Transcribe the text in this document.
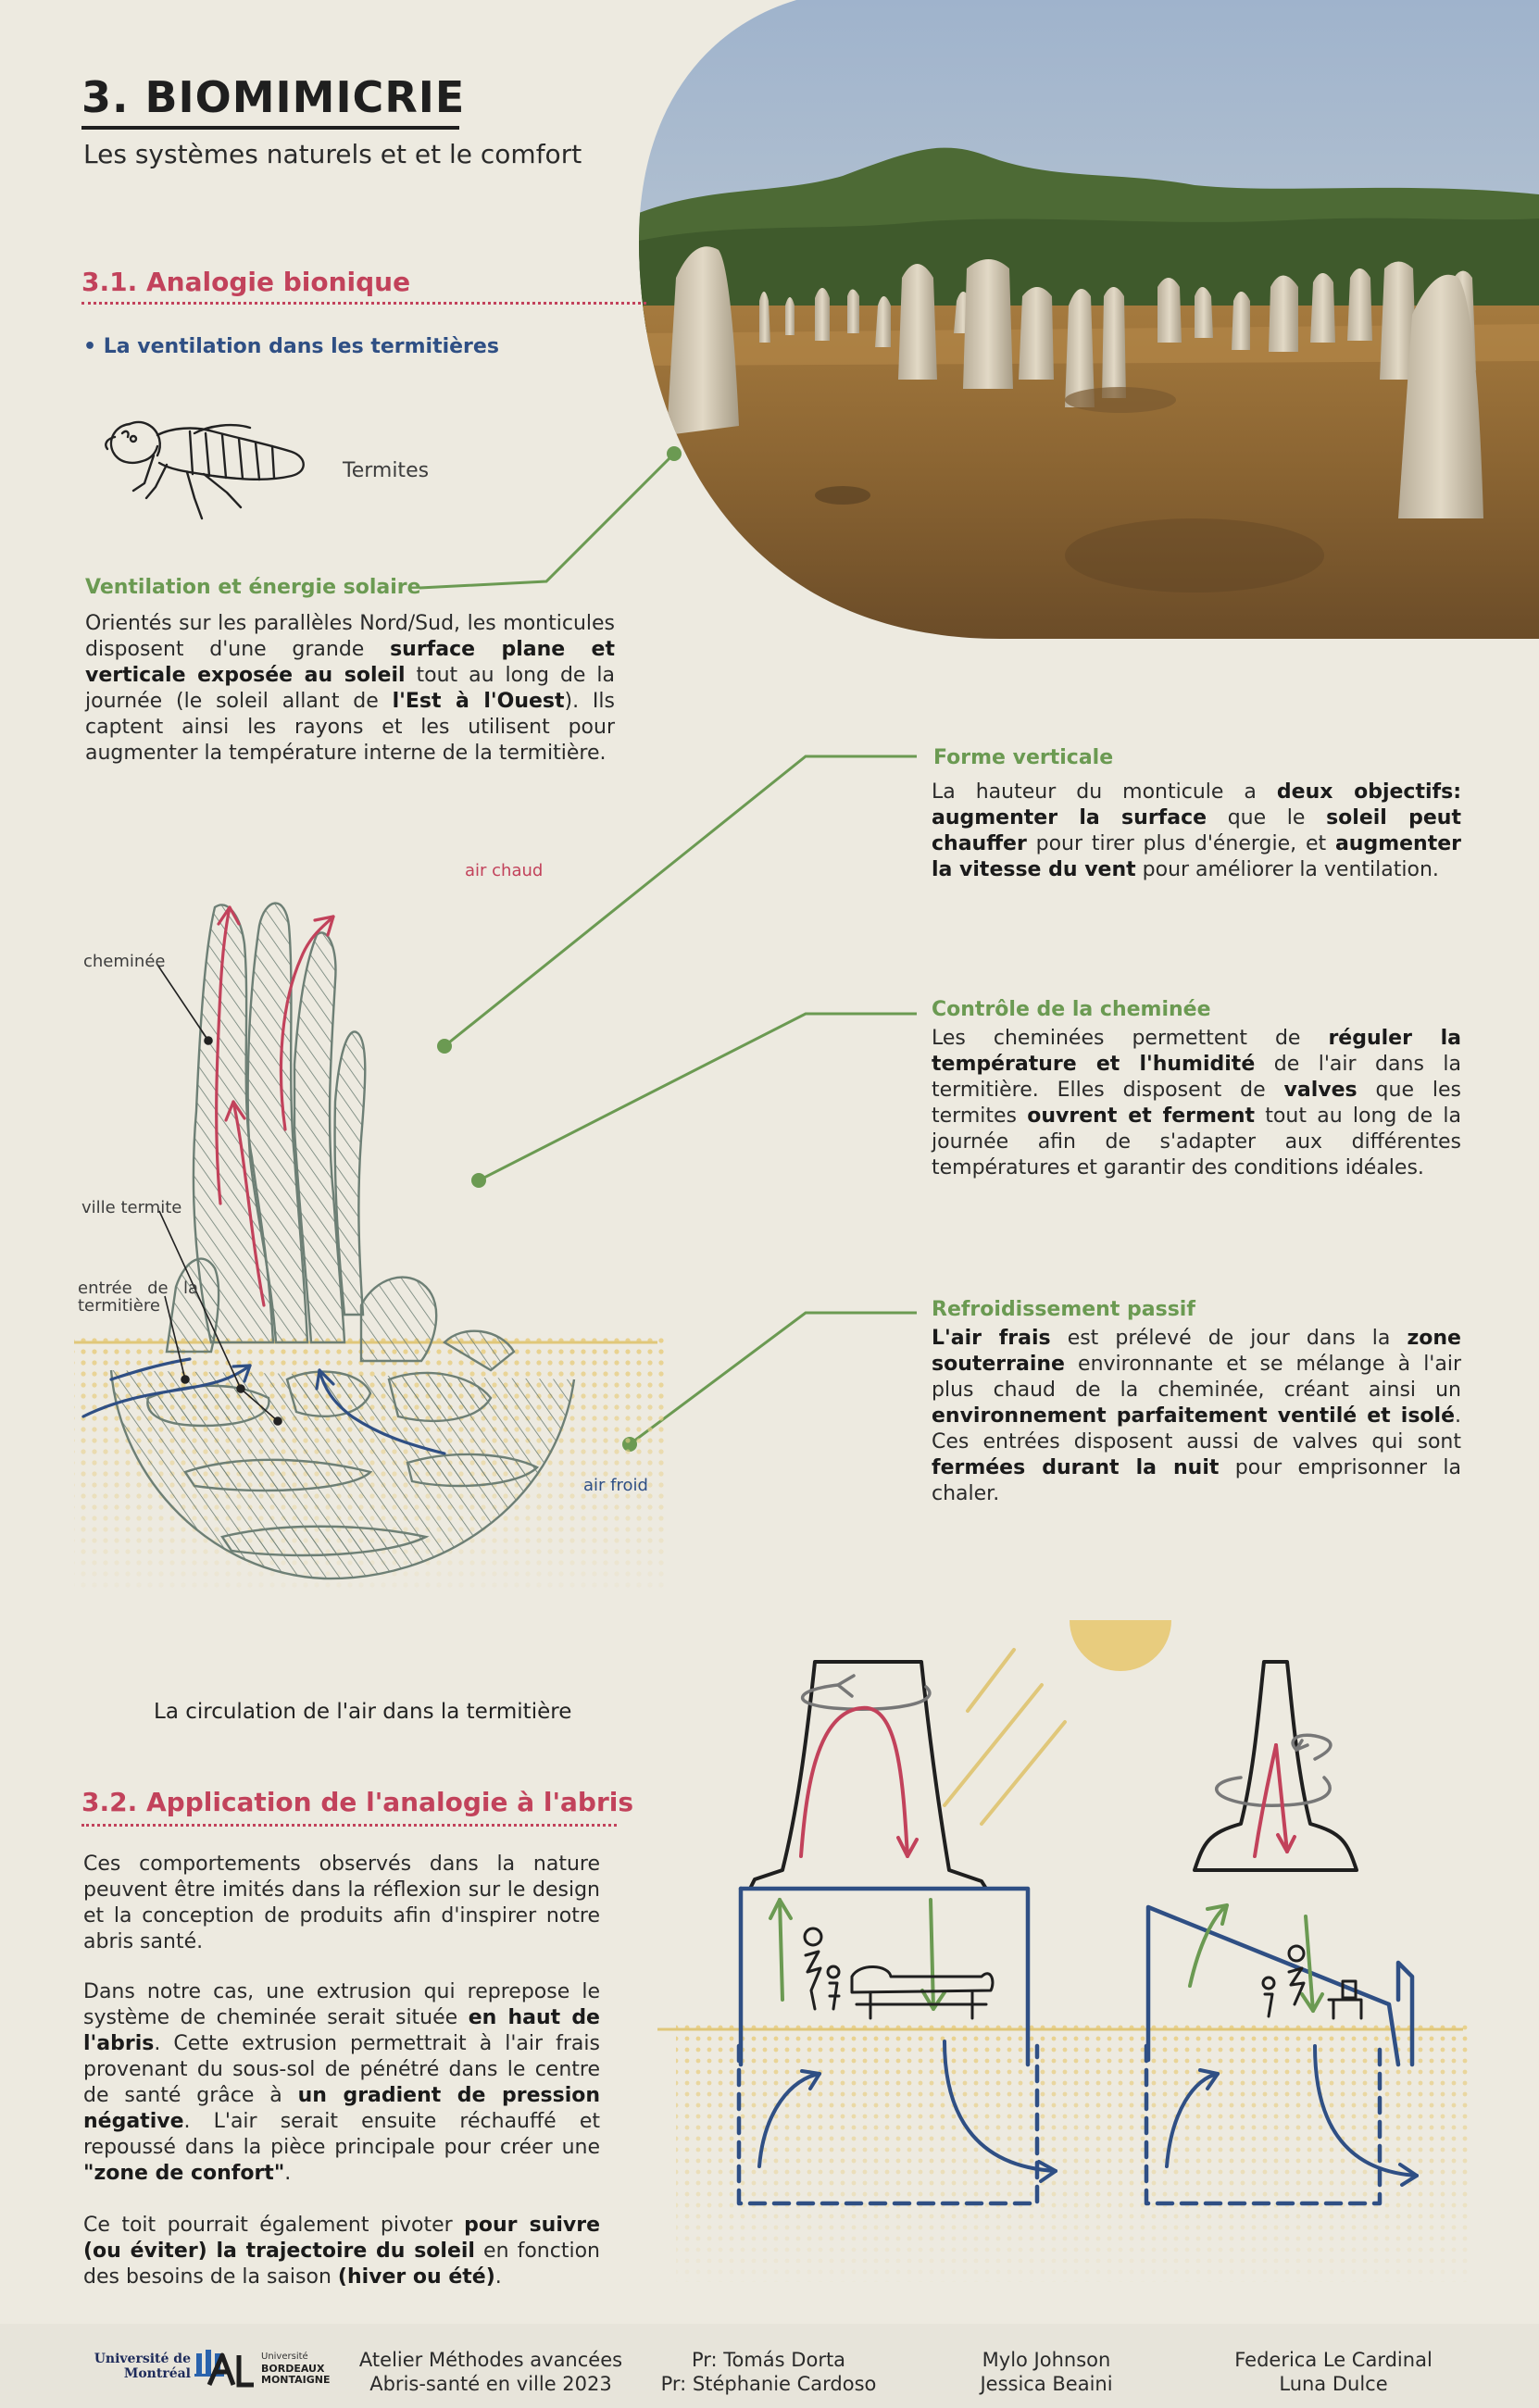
3. BIOMIMICRIE
Les systèmes naturels et et le comfort
3.1. Analogie bionique
• La ventilation dans les termitières
Termites
Ventilation et énergie solaire
Orientés sur les parallèles Nord/Sud, les monticules disposent d'une grande surface plane et verticale exposée au soleil tout au long de la journée (le soleil allant de l'Est à l'Ouest). Ils captent ainsi les rayons et les utilisent pour augmenter la température interne de la termitière.	Forme verticale
La hauteur du monticule a deux objectifs: augmenter la surface que le soleil peut chauffer pour tirer plus d'énergie, et augmenter la vitesse du vent pour améliorer la ventilation.
Contrôle de la cheminée
Les cheminées permettent de réguler la température et l'humidité de l'air dans la termitière. Elles disposent de valves que les termites ouvrent et ferment tout au long de la journée afin de s'adapter aux différentes températures et garantir des conditions idéales.
Refroidissement passif
L'air frais est prélevé de jour dans la zone souterraine environnante et se mélange à l'air plus chaud de la cheminée, créant ainsi un environnement parfaitement ventilé et isolé. Ces entrées disposent aussi de valves qui sont fermées durant la nuit pour emprisonner la chaler.
air chaud
cheminée
ville termite
entrée de la termitière
air froid
La circulation de l'air dans la termitière
3.2. Application de l'analogie à l'abris
Ces comportements observés dans la nature peuvent être imités dans la réflexion sur le design et la conception de produits afin d'inspirer notre abris santé.
Dans notre cas, une extrusion qui reprepose le système de cheminée serait située en haut de l'abris. Cette extrusion permettrait à l'air frais provenant du sous-sol de pénétré dans le centre de santé grâce à un gradient de pression négative. L'air serait ensuite réchauffé et repoussé dans la pièce principale pour créer une "zone de confort".
Ce toit pourrait également pivoter pour suivre (ou éviter) la trajectoire du soleil en fonction des besoins de la saison (hiver ou été).
Université de Montréal
Université
BORDEAUX MONTAIGNE
Atelier Méthodes avancées
Abris-santé en ville 2023
Pr: Tomás Dorta
Pr: Stéphanie Cardoso
Mylo Johnson
Jessica Beaini
Federica Le Cardinal
Luna Dulce
